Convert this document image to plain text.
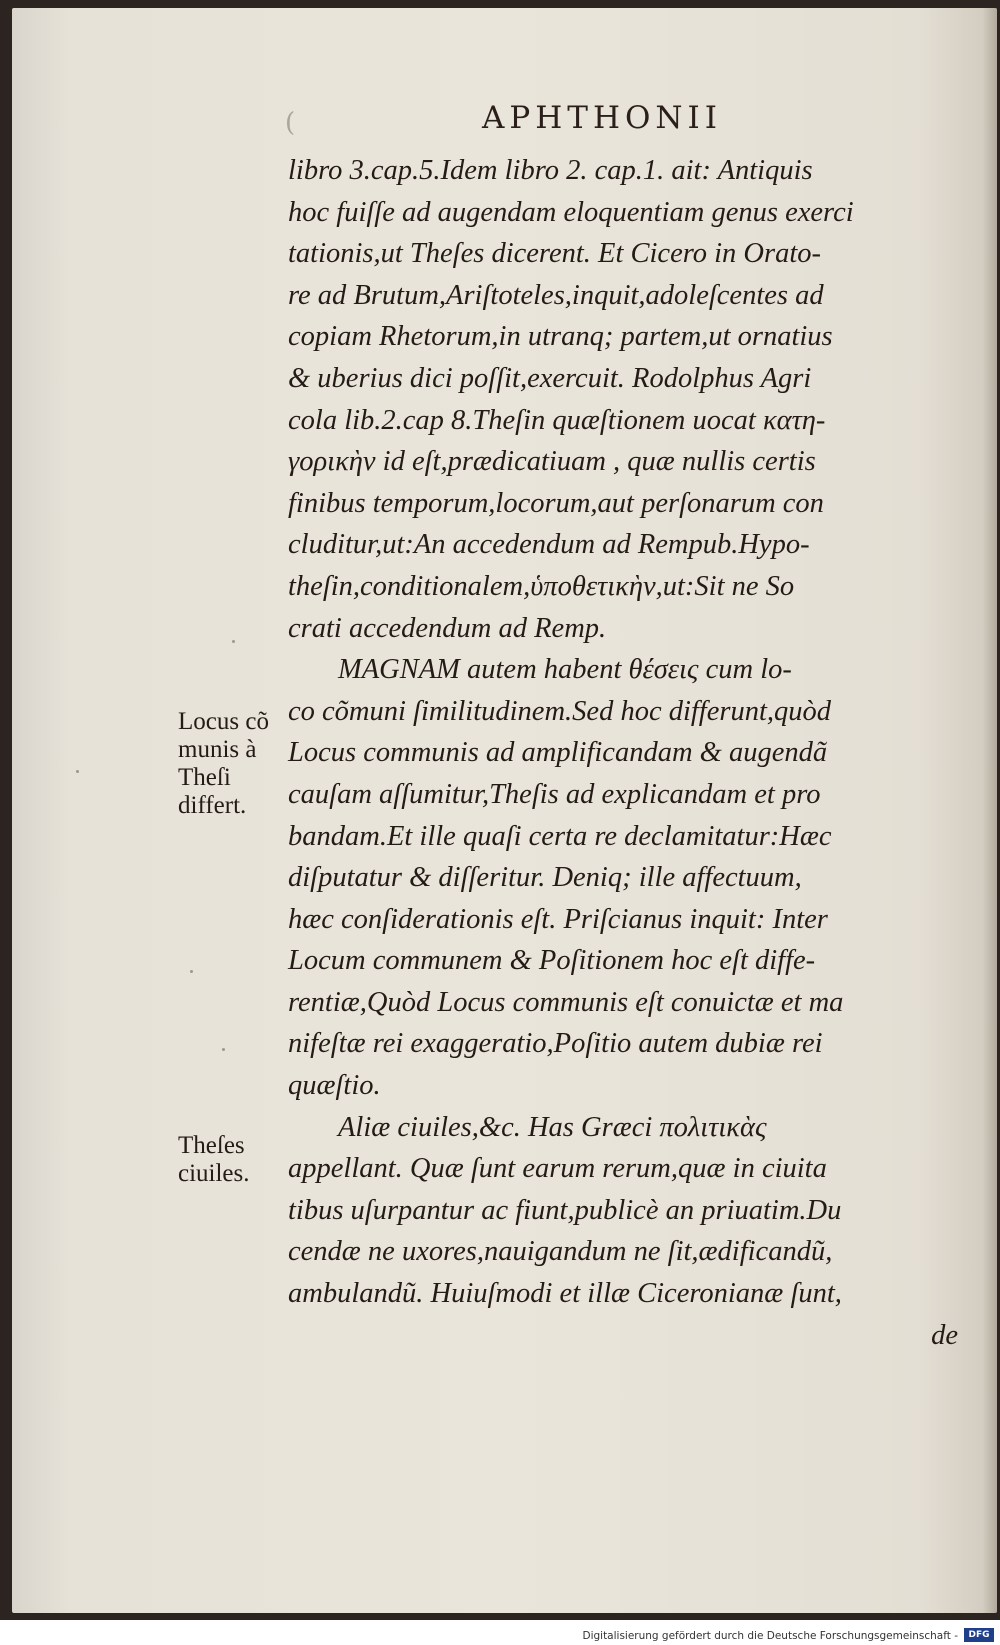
(	APHTHONII
libro 3.cap.5.Idem libro 2. cap.1. ait: Antiquis
hoc fuiſſe ad augendam eloquentiam genus exerci
tationis,ut Theſes dicerent. Et Cicero in Orato-
re ad Brutum,Ariſtoteles,inquit,adoleſcentes ad
copiam Rhetorum,in utranq; partem,ut ornatius
& uberius dici poſſit,exercuit. Rodolphus Agri
cola lib.2.cap 8.Theſin quæſtionem uocat κατη-
γορικὴν id eſt,prædicatiuam , quæ nullis certis
finibus temporum,locorum,aut perſonarum con
cluditur,ut:An accedendum ad Rempub.Hypo-
theſin,conditionalem,ὑποθετικὴν,ut:Sit ne So
crati accedendum ad Remp.
MAGNAM autem habent θέσεις cum lo-
co cõmuni ſimilitudinem.Sed hoc differunt,quòd
Locus communis ad amplificandam & augendã
cauſam aſſumitur,Theſis ad explicandam et pro
bandam.Et ille quaſi certa re declamitatur:Hæc
diſputatur & diſſeritur. Deniq; ille affectuum,
hæc conſiderationis eſt. Priſcianus inquit: Inter
Locum communem & Poſitionem hoc eſt diffe-
rentiæ,Quòd Locus communis eſt conuictæ et ma
nifeſtæ rei exaggeratio,Poſitio autem dubiæ rei
quæſtio.
Aliæ ciuiles,&c. Has Græci πολιτικὰς
appellant. Quæ ſunt earum rerum,quæ in ciuita
tibus uſurpantur ac fiunt,publicè an priuatim.Du
cendæ ne uxores,nauigandum ne ſit,ædificandũ,
ambulandũ. Huiuſmodi et illæ Ciceronianæ ſunt,
de
Locus cõ
munis à
Theſi
differt.
Theſes
ciuiles.
Digitalisierung gefördert durch die Deutsche Forschungsgemeinschaft -	DFG
